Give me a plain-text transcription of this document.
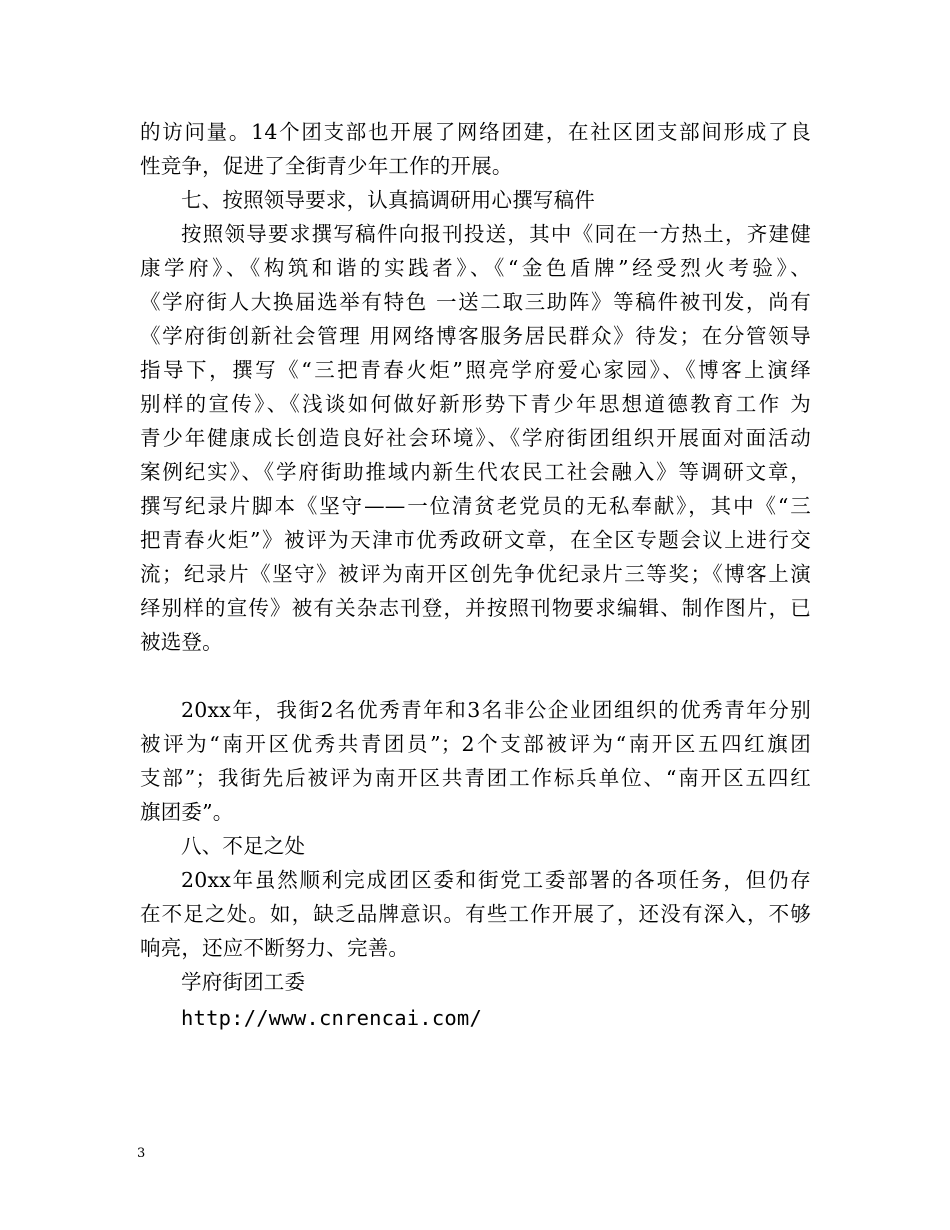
的访问量。14个团支部也开展了网络团建，在社区团支部间形成了良
性竞争，促进了全街青少年工作的开展。
七、按照领导要求，认真搞调研用心撰写稿件
按照领导要求撰写稿件向报刊投送，其中《同在一方热土，齐建健
康学府》、《构筑和谐的实践者》、《“金色盾牌”经受烈火考验》、
《学府街人大换届选举有特色 一送二取三助阵》等稿件被刊发，尚有
《学府街创新社会管理 用网络博客服务居民群众》待发；在分管领导
指导下，撰写《“三把青春火炬”照亮学府爱心家园》、《博客上演绎
别样的宣传》、《浅谈如何做好新形势下青少年思想道德教育工作 为
青少年健康成长创造良好社会环境》、《学府街团组织开展面对面活动
案例纪实》、《学府街助推域内新生代农民工社会融入》等调研文章，
撰写纪录片脚本《坚守——一位清贫老党员的无私奉献》，其中《“三
把青春火炬”》被评为天津市优秀政研文章，在全区专题会议上进行交
流；纪录片《坚守》被评为南开区创先争优纪录片三等奖；《博客上演
绎别样的宣传》被有关杂志刊登，并按照刊物要求编辑、制作图片，已
被选登。
20xx年，我街2名优秀青年和3名非公企业团组织的优秀青年分别
被评为“南开区优秀共青团员”；2个支部被评为“南开区五四红旗团
支部”；我街先后被评为南开区共青团工作标兵单位、“南开区五四红
旗团委”。
八、不足之处
20xx年虽然顺利完成团区委和街党工委部署的各项任务，但仍存
在不足之处。如，缺乏品牌意识。有些工作开展了，还没有深入，不够
响亮，还应不断努力、完善。
学府街团工委
http://www.cnrencai.com/
3
